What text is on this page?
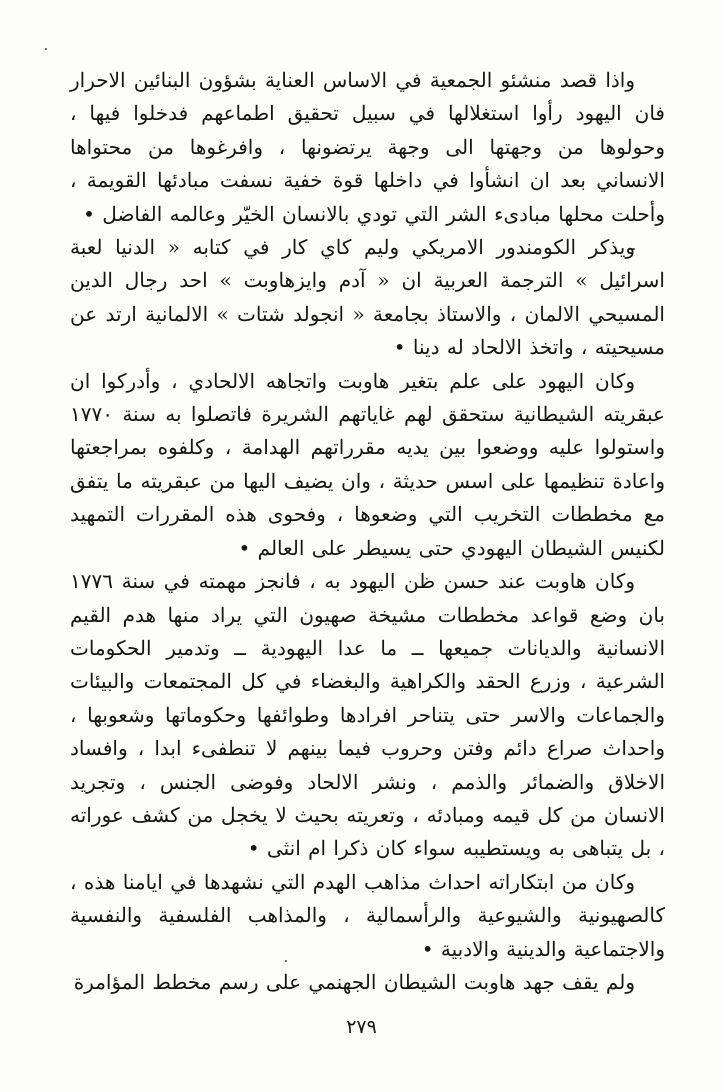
واذا قصد منشئو الجمعية في الاساس العناية بشؤون البنائين الاحرار فان اليهود رأوا استغلالها في سبيل تحقيق اطماعهم فدخلوا فيها ، وحولوها من وجهتها الى وجهة يرتضونها ، وافرغوها من محتواها الانساني بعد ان انشأوا في داخلها قوة خفية نسفت مبادئها القويمة ، وأحلت محلها مبادىء الشر التي تودي بالانسان الخيّر وعالمه الفاضل •

ويذكر الكومندور الامريكي وليم كاي كار في كتابه « الدنيا لعبة اسرائيل » الترجمة العربية ان « آدم وايزهاوبت » احد رجال الدين المسيحي الالمان ، والاستاذ بجامعة « انجولد شتات » الالمانية ارتد عن مسيحيته ، واتخذ الالحاد له دينا •

وكان اليهود على علم بتغير هاوبت واتجاهه الالحادي ، وأدركوا ان عبقريته الشيطانية ستحقق لهم غاياتهم الشريرة فاتصلوا به سنة ١٧٧٠ واستولوا عليه ووضعوا بين يديه مقرراتهم الهدامة ، وكلفوه بمراجعتها واعادة تنظيمها على اسس حديثة ، وان يضيف اليها من عبقريته ما يتفق مع مخططات التخريب التي وضعوها ، وفحوى هذه المقررات التمهيد لكنيس الشيطان اليهودي حتى يسيطر على العالم •

وكان هاوبت عند حسن ظن اليهود به ، فانجز مهمته في سنة ١٧٧٦ بان وضع قواعد مخططات مشيخة صهيون التي يراد منها هدم القيم الانسانية والديانات جميعها ــ ما عدا اليهودية ــ وتدمير الحكومات الشرعية ، وزرع الحقد والكراهية والبغضاء في كل المجتمعات والبيئات والجماعات والاسر حتى يتناحر افرادها وطوائفها وحكوماتها وشعوبها ، واحداث صراع دائم وفتن وحروب فيما بينهم لا تنطفىء ابدا ، وافساد الاخلاق والضمائر والذمم ، ونشر الالحاد وفوضى الجنس ، وتجريد الانسان من كل قيمه ومبادئه ، وتعريته بحيث لا يخجل من كشف عوراته ، بل يتباهى به ويستطيبه سواء كان ذكرا ام انثى •

وكان من ابتكاراته احداث مذاهب الهدم التي نشهدها في ايامنا هذه ، كالصهيونية والشيوعية والرأسمالية ، والمذاهب الفلسفية والنفسية والاجتماعية والدينية والادبية •

ولم يقف جهد هاوبت الشيطان الجهنمي على رسم مخطط المؤامرة

٢٧٩
